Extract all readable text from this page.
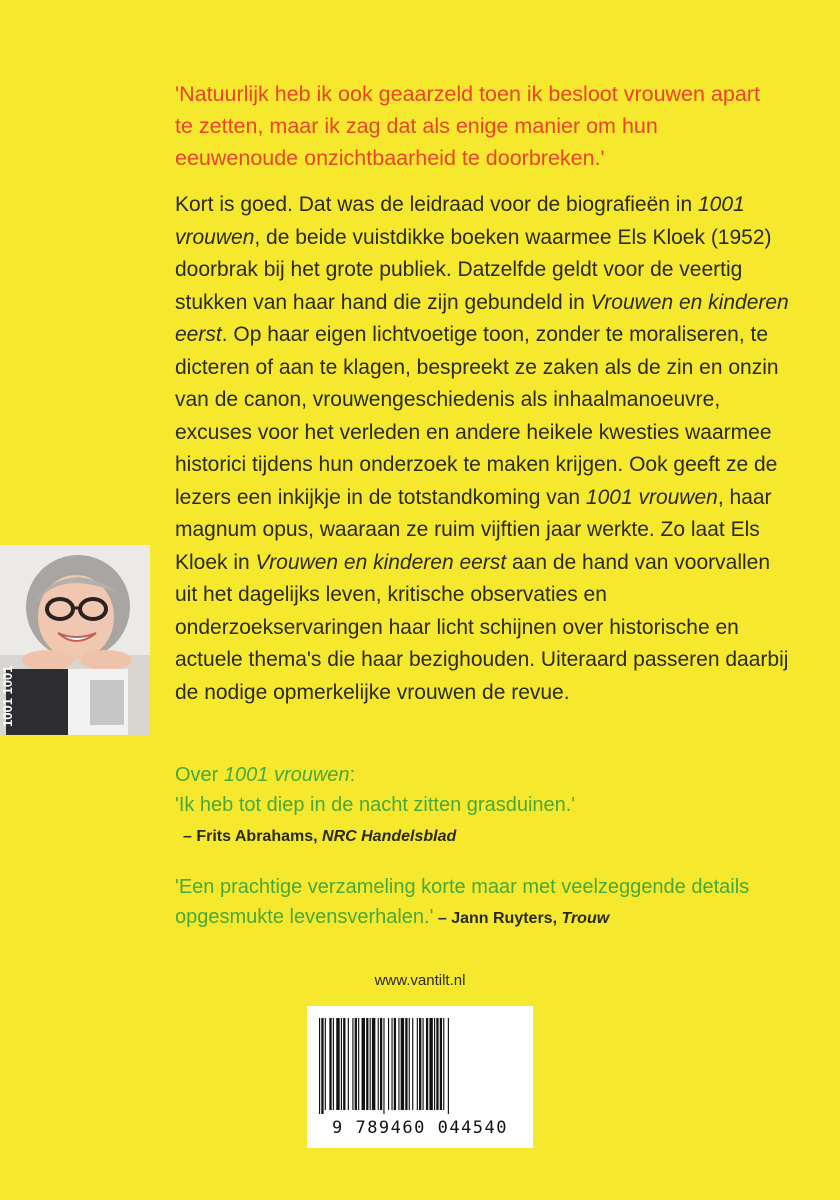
'Natuurlijk heb ik ook geaarzeld toen ik besloot vrouwen apart te zetten, maar ik zag dat als enige manier om hun eeuwenoude onzichtbaarheid te doorbreken.'

Kort is goed. Dat was de leidraad voor de biografieën in 1001 vrouwen, de beide vuistdikke boeken waarmee Els Kloek (1952) doorbrak bij het grote publiek. Datzelfde geldt voor de veertig stukken van haar hand die zijn gebundeld in Vrouwen en kinderen eerst. Op haar eigen lichtvoetige toon, zonder te moraliseren, te dicteren of aan te klagen, bespreekt ze zaken als de zin en onzin van de canon, vrouwengeschiedenis als inhaalmanoeuvre, excuses voor het verleden en andere heikele kwesties waarmee historici tijdens hun onderzoek te maken krijgen. Ook geeft ze de lezers een inkijkje in de totstandkoming van 1001 vrouwen, haar magnum opus, waaraan ze ruim vijftien jaar werkte. Zo laat Els Kloek in Vrouwen en kinderen eerst aan de hand van voorvallen uit het dagelijks leven, kritische observaties en onderzoekservaringen haar licht schijnen over historische en actuele thema's die haar bezighouden. Uiteraard passeren daarbij de nodige opmerkelijke vrouwen de revue.

1001 1001

Over 1001 vrouwen:

'Ik heb tot diep in de nacht zitten grasduinen.'

– Frits Abrahams, NRC Handelsblad

'Een prachtige verzameling korte maar met veelzeggende details opgesmukte levensverhalen.' – Jann Ruyters, Trouw

www.vantilt.nl
9 789460 044540
